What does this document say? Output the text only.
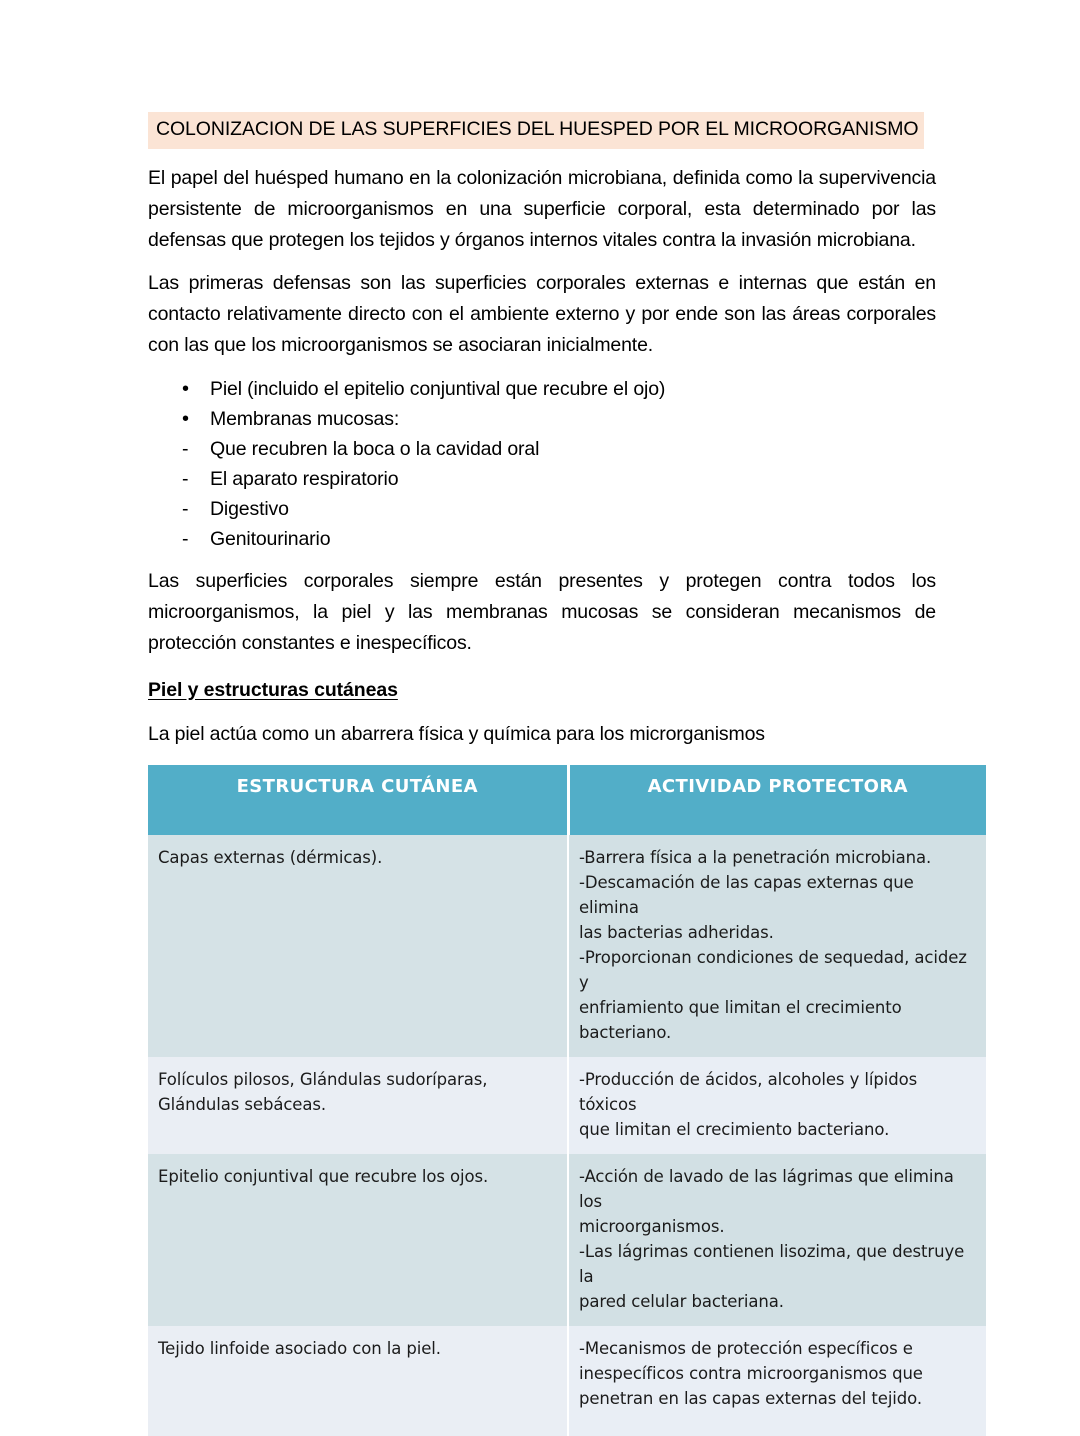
COLONIZACION DE LAS SUPERFICIES DEL HUESPED POR EL MICROORGANISMO

El papel del huésped humano en la colonización microbiana, definida como la supervivencia persistente de microorganismos en una superficie corporal, esta determinado por las defensas que protegen los tejidos y órganos internos vitales contra la invasión microbiana.

Las primeras defensas son las superficies corporales externas e internas que están en contacto relativamente directo con el ambiente externo y por ende son las áreas corporales con las que los microorganismos se asociaran inicialmente.

•	Piel (incluido el epitelio conjuntival que recubre el ojo)
•	Membranas mucosas:
-	Que recubren la boca o la cavidad oral
-	El aparato respiratorio
-	Digestivo
-	Genitourinario

Las superficies corporales siempre están presentes y protegen contra todos los microorganismos, la piel y las membranas mucosas se consideran mecanismos de protección constantes e inespecíficos.

Piel y estructuras cutáneas

La piel actúa como un abarrera física y química para los microrganismos

ESTRUCTURA CUTÁNEA	ACTIVIDAD PROTECTORA
Capas externas (dérmicas).	-Barrera física a la penetración microbiana.
-Descamación de las capas externas que elimina
las bacterias adheridas.
-Proporcionan condiciones de sequedad, acidez y
enfriamiento que limitan el crecimiento
bacteriano.

Folículos pilosos, Glándulas sudoríparas, Glándulas sebáceas.	-Producción de ácidos, alcoholes y lípidos tóxicos
que limitan el crecimiento bacteriano.

Epitelio conjuntival que recubre los ojos.	-Acción de lavado de las lágrimas que elimina los
microorganismos.
-Las lágrimas contienen lisozima, que destruye la
pared celular bacteriana.

Tejido linfoide asociado con la piel.	-Mecanismos de protección específicos e
inespecíficos contra microorganismos que
penetran en las capas externas del tejido.
